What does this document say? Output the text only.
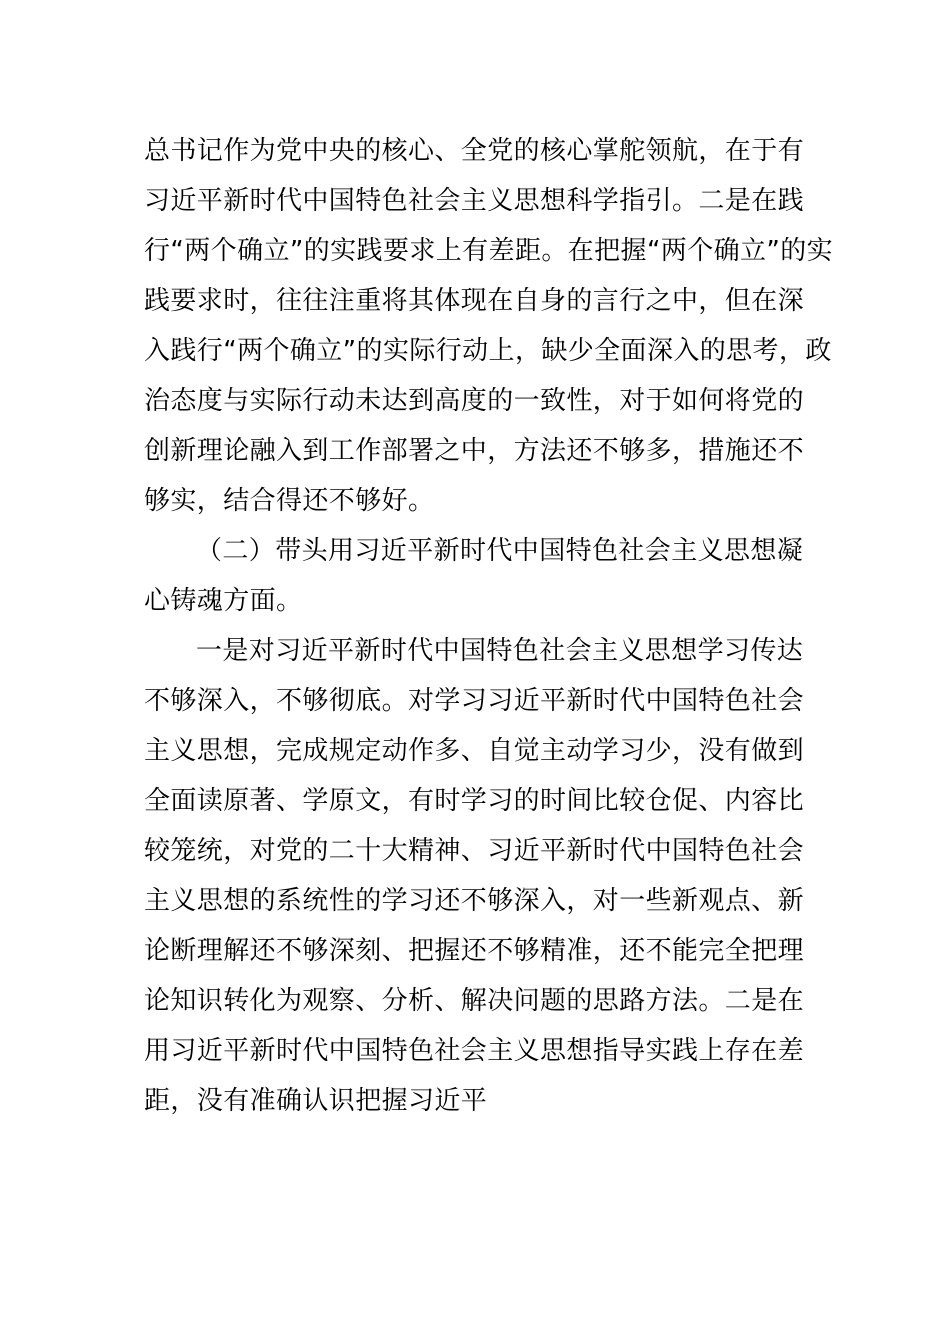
总书记作为党中央的核心、全党的核心掌舵领航，在于有
习近平新时代中国特色社会主义思想科学指引。二是在践
行“两个确立”的实践要求上有差距。在把握“两个确立”的实
践要求时，往往注重将其体现在自身的言行之中，但在深
入践行“两个确立”的实际行动上，缺少全面深入的思考，政
治态度与实际行动未达到高度的一致性，对于如何将党的
创新理论融入到工作部署之中，方法还不够多，措施还不
够实，结合得还不够好。
（二）带头用习近平新时代中国特色社会主义思想凝
心铸魂方面。
一是对习近平新时代中国特色社会主义思想学习传达
不够深入，不够彻底。对学习习近平新时代中国特色社会
主义思想，完成规定动作多、自觉主动学习少，没有做到
全面读原著、学原文，有时学习的时间比较仓促、内容比
较笼统，对党的二十大精神、习近平新时代中国特色社会
主义思想的系统性的学习还不够深入，对一些新观点、新
论断理解还不够深刻、把握还不够精准，还不能完全把理
论知识转化为观察、分析、解决问题的思路方法。二是在
用习近平新时代中国特色社会主义思想指导实践上存在差
距，没有准确认识把握习近平
